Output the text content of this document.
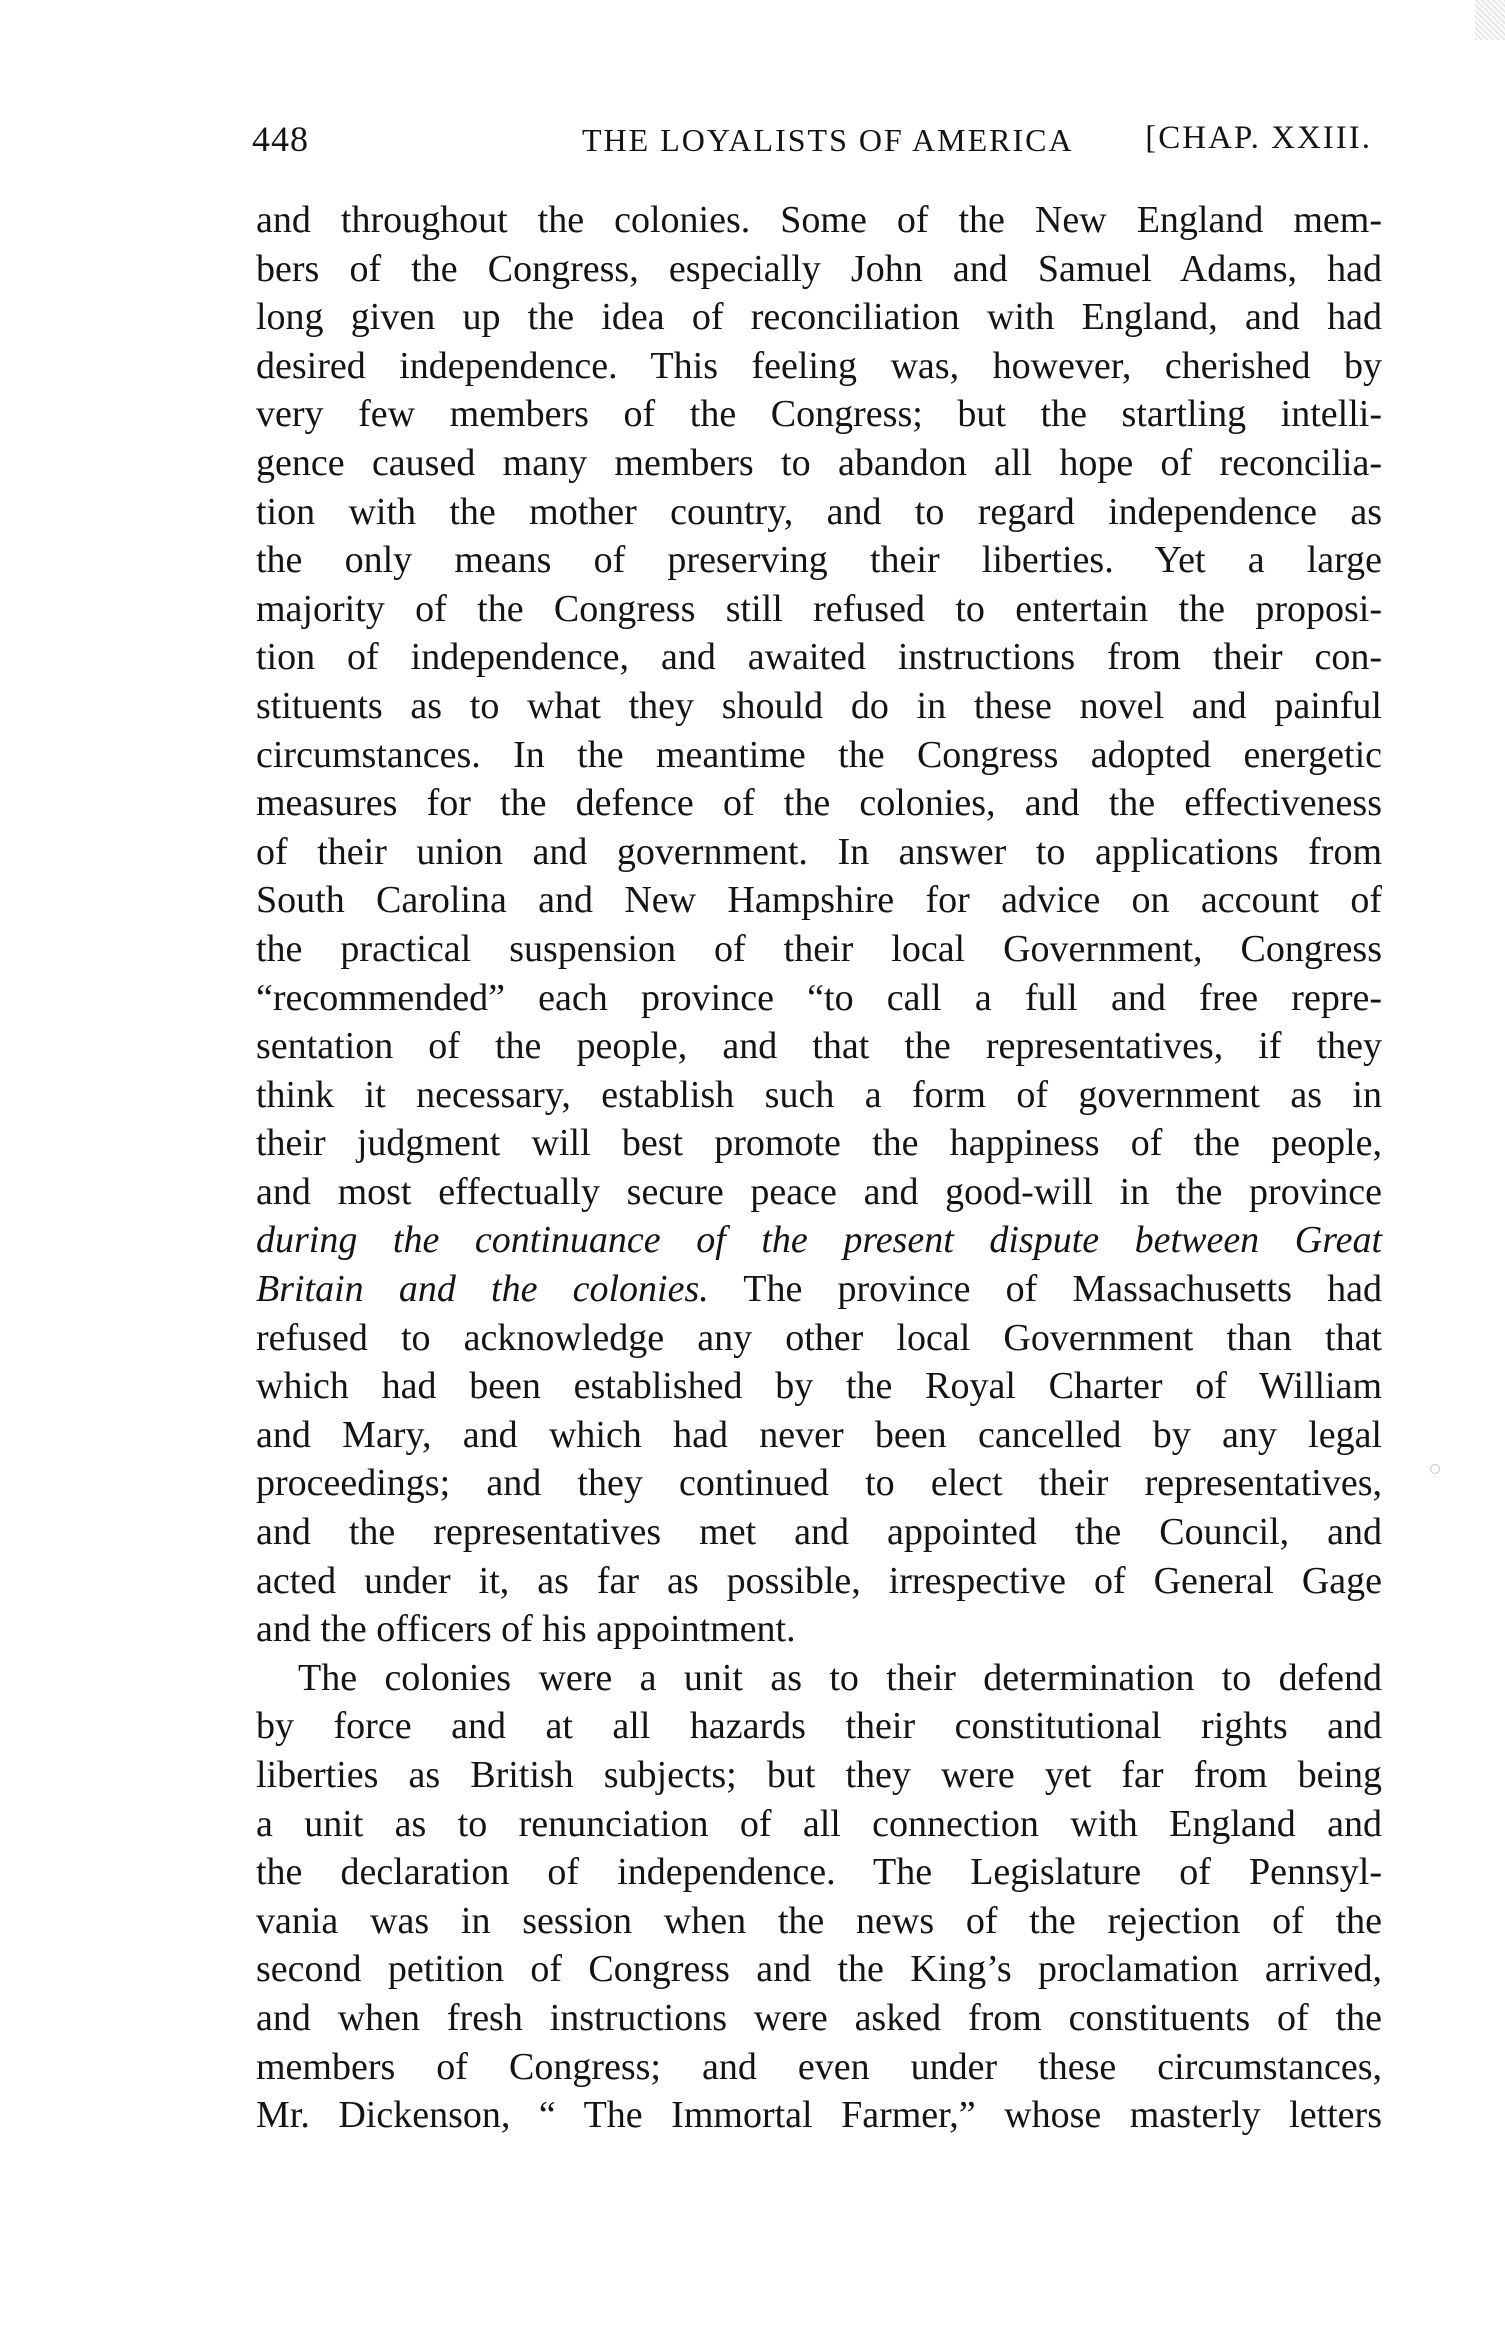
448	THE LOYALISTS OF AMERICA [CHAP. XXIII.
and throughout the colonies. Some of the New England mem-
bers of the Congress, especially John and Samuel Adams, had
long given up the idea of reconciliation with England, and had
desired independence. This feeling was, however, cherished by
very few members of the Congress; but the startling intelli-
gence caused many members to abandon all hope of reconcilia-
tion with the mother country, and to regard independence as
the only means of preserving their liberties. Yet a large
majority of the Congress still refused to entertain the proposi-
tion of independence, and awaited instructions from their con-
stituents as to what they should do in these novel and painful
circumstances. In the meantime the Congress adopted energetic
measures for the defence of the colonies, and the effectiveness
of their union and government. In answer to applications from
South Carolina and New Hampshire for advice on account of
the practical suspension of their local Government, Congress
“recommended” each province “to call a full and free repre-
sentation of the people, and that the representatives, if they
think it necessary, establish such a form of government as in
their judgment will best promote the happiness of the people,
and most effectually secure peace and good-will in the province
during the continuance of the present dispute between Great
Britain and the colonies. The province of Massachusetts had
refused to acknowledge any other local Government than that
which had been established by the Royal Charter of William
and Mary, and which had never been cancelled by any legal
proceedings; and they continued to elect their representatives,
and the representatives met and appointed the Council, and
acted under it, as far as possible, irrespective of General Gage
and the officers of his appointment.
The colonies were a unit as to their determination to defend
by force and at all hazards their constitutional rights and
liberties as British subjects; but they were yet far from being
a unit as to renunciation of all connection with England and
the declaration of independence. The Legislature of Pennsyl-
vania was in session when the news of the rejection of the
second petition of Congress and the King’s proclamation arrived,
and when fresh instructions were asked from constituents of the
members of Congress; and even under these circumstances,
Mr. Dickenson, “ The Immortal Farmer,” whose masterly letters
